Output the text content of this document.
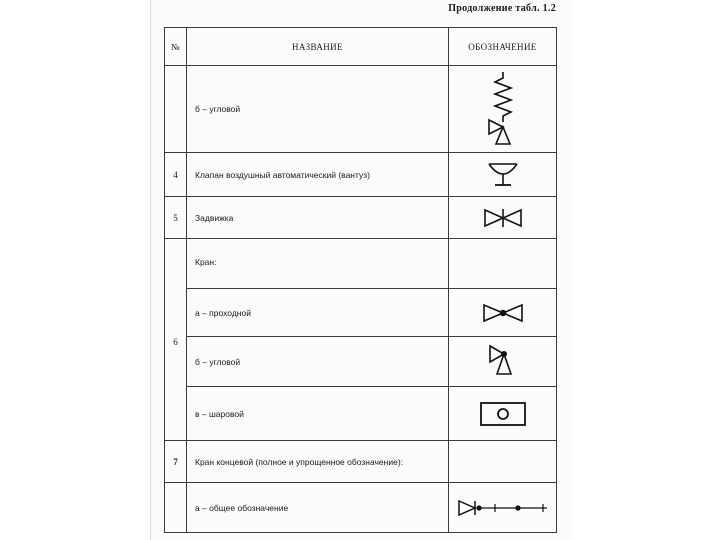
Продолжение табл. 1.2
№	НАЗВАНИЕ	ОБОЗНАЧЕНИЕ
	б – угловой	

4	Клапан воздушный автоматический (вантуз)	

5	Задвижка	

	Кран:	
	а – проходной	

6	б – угловой	

	в – шаровой	

7	Кран концевой (полное и упрощенное обозначение):	
	а – общее обозначение	
